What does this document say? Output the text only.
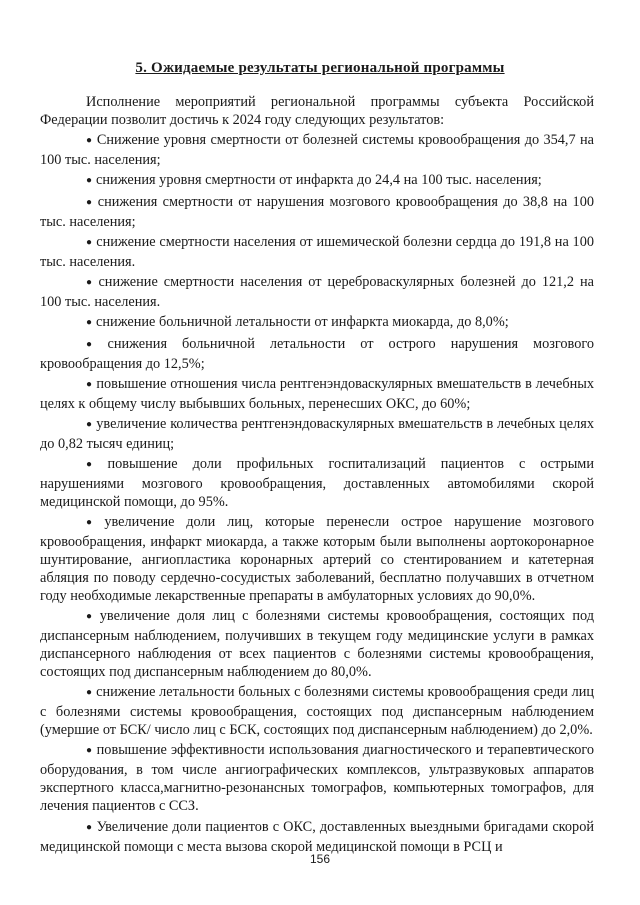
5. Ожидаемые результаты региональной программы

Исполнение мероприятий региональной программы субъекта Российской Федерации позволит достичь к 2024 году следующих результатов:

● Снижение уровня смертности от болезней системы кровообращения до 354,7 на 100 тыс. населения;

● снижения уровня смертности от инфаркта до 24,4 на 100 тыс. населения;

● снижения смертности от нарушения мозгового кровообращения до 38,8 на 100 тыс. населения;

● снижение смертности населения от ишемической болезни сердца до 191,8 на 100 тыс. населения.

● снижение смертности населения от цереброваскулярных болезней до 121,2 на 100 тыс. населения.

● снижение больничной летальности от инфаркта миокарда, до 8,0%;

● снижения больничной летальности от острого нарушения мозгового кровообращения до 12,5%;

● повышение отношения числа рентгенэндоваскулярных вмешательств в лечебных целях к общему числу выбывших больных, перенесших ОКС, до 60%;

● увеличение количества рентгенэндоваскулярных вмешательств в лечебных целях до 0,82 тысяч единиц;

● повышение доли профильных госпитализаций пациентов с острыми нарушениями мозгового кровообращения, доставленных автомобилями скорой медицинской помощи, до 95%.

● увеличение доли лиц, которые перенесли острое нарушение мозгового кровообращения, инфаркт миокарда, а также которым были выполнены аортокоронарное шунтирование, ангиопластика коронарных артерий со стентированием и катетерная абляция по поводу сердечно-сосудистых заболеваний, бесплатно получавших в отчетном году необходимые лекарственные препараты в амбулаторных условиях до 90,0%.

● увеличение доля лиц с болезнями системы кровообращения, состоящих под диспансерным наблюдением, получивших в текущем году медицинские услуги в рамках диспансерного наблюдения от всех пациентов с болезнями системы кровообращения, состоящих под диспансерным наблюдением до 80,0%.

● снижение летальности больных с болезнями системы кровообращения среди лиц с болезнями системы кровообращения, состоящих под диспансерным наблюдением (умершие от БСК/ число лиц с БСК, состоящих под диспансерным наблюдением) до 2,0%.

● повышение эффективности использования диагностического и терапевтического оборудования, в том числе ангиографических комплексов, ультразвуковых аппаратов экспертного класса,магнитно-резонансных томографов, компьютерных томографов, для лечения пациентов с ССЗ.

● Увеличение доли пациентов с ОКС, доставленных выездными бригадами скорой медицинской помощи с места вызова скорой медицинской помощи в РСЦ и

156
